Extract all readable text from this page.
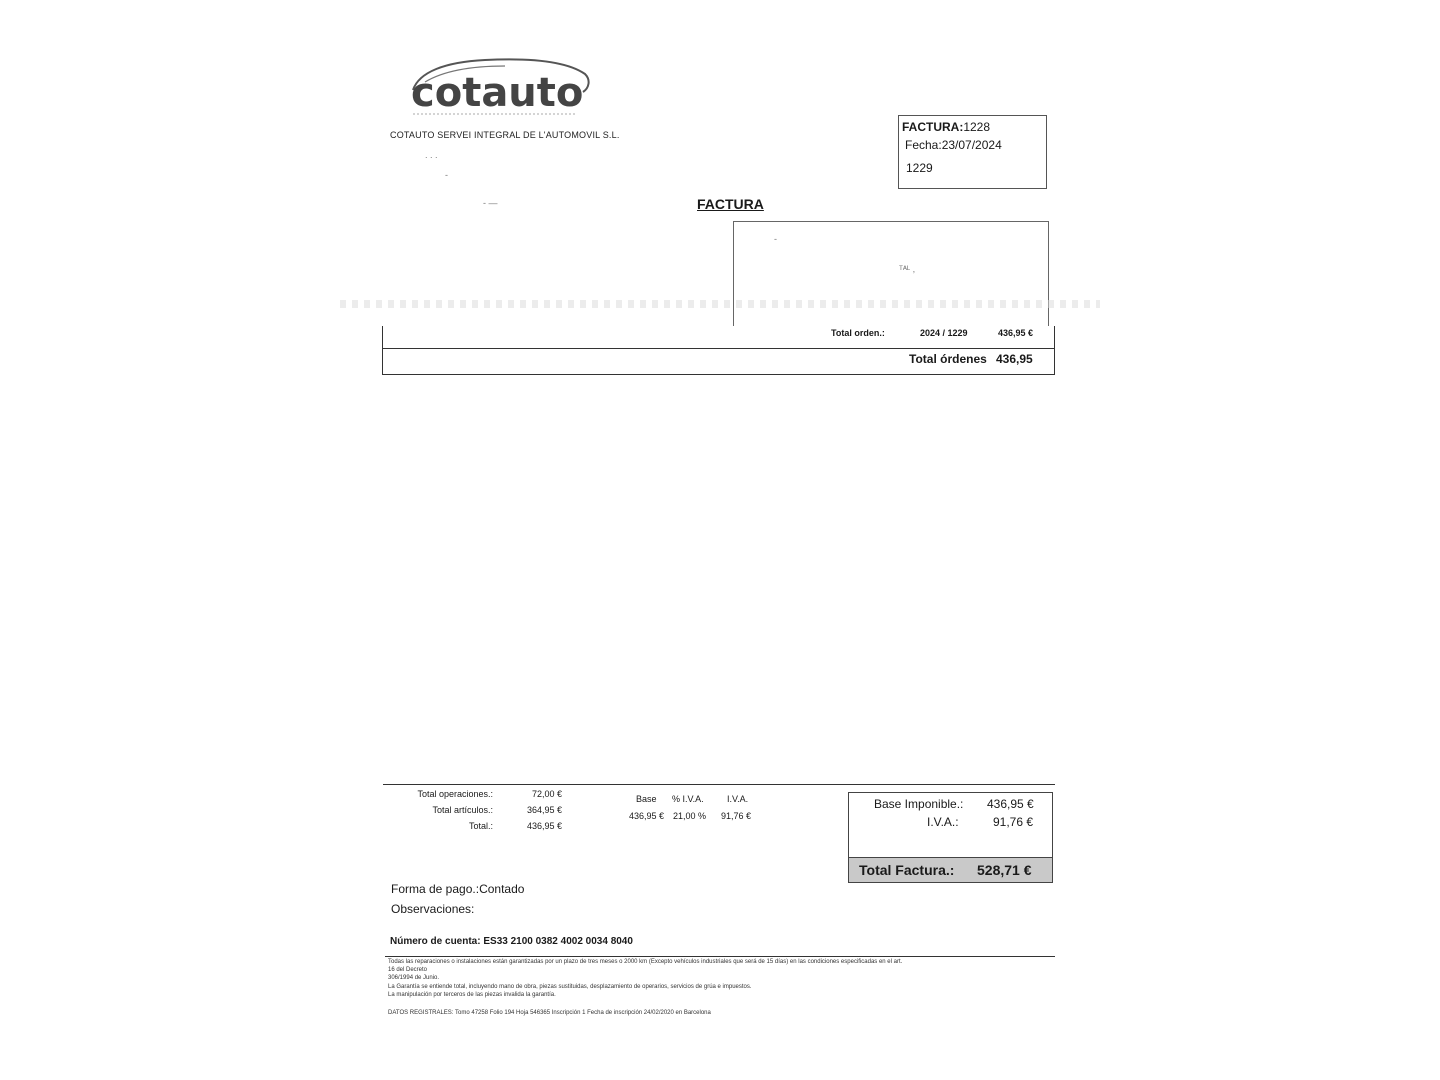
cotauto
COTAUTO SERVEI INTEGRAL DE L'AUTOMOVIL S.L.
. . .
-
- —
FACTURA:1228
Fecha:23/07/2024
1229
FACTURA
-
ᵀᴬᴸ ,
Total orden.:	2024 / 1229	436,95 €
Total órdenes 436,95
Total operaciones.:	72,00 €
Total artículos.:	364,95 €
Total.:	436,95 €
Base % I.V.A.	I.V.A.
436,95 € 21,00 % 91,76 €
Base Imponible.: 436,95 €
I.V.A.:	91,76 €
Total Factura.: 528,71 €
Forma de pago.:Contado
Observaciones:
Número de cuenta: ES33 2100 0382 4002 0034 8040
Todas las reparaciones o instalaciones están garantizadas por un plazo de tres meses o 2000 km (Excepto vehículos industriales que será de 15 días) en las condiciones especificadas en el art.
16 del Decreto
306/1994 de Junio.
La Garantía se entiende total, incluyendo mano de obra, piezas sustituidas, desplazamiento de operarios, servicios de grúa e impuestos.
La manipulación por terceros de las piezas invalida la garantía.
DATOS REGISTRALES: Tomo 47258 Folio 194 Hoja 546365 Inscripción 1 Fecha de inscripción 24/02/2020 en Barcelona
